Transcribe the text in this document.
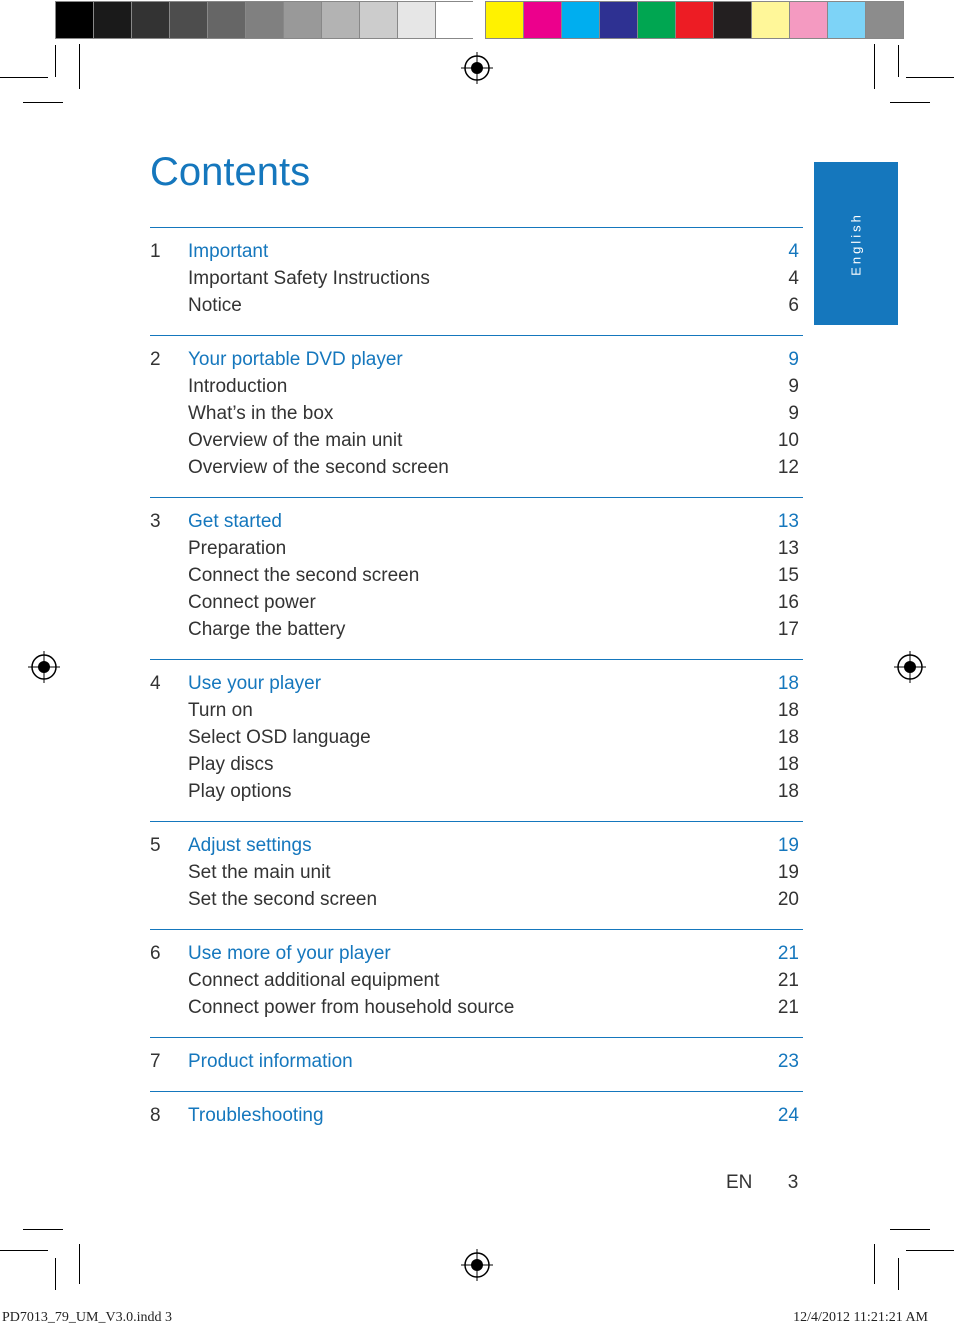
English
Contents
1	Important	4
Important Safety Instructions	4
Notice	6
2	Your portable DVD player	9
Introduction	9
What’s in the box	9
Overview of the main unit	10
Overview of the second screen	12
3	Get started	13
Preparation	13
Connect the second screen	15
Connect power	16
Charge the battery	17
4	Use your player	18
Turn on	18
Select OSD language	18
Play discs	18
Play options	18
5	Adjust settings	19
Set the main unit	19
Set the second screen	20
6	Use more of your player	21
Connect additional equipment	21
Connect power from household source	21
7	Product information	23
8	Troubleshooting	24
EN 3
PD7013_79_UM_V3.0.indd 3	12/4/2012 11:21:21 AM
